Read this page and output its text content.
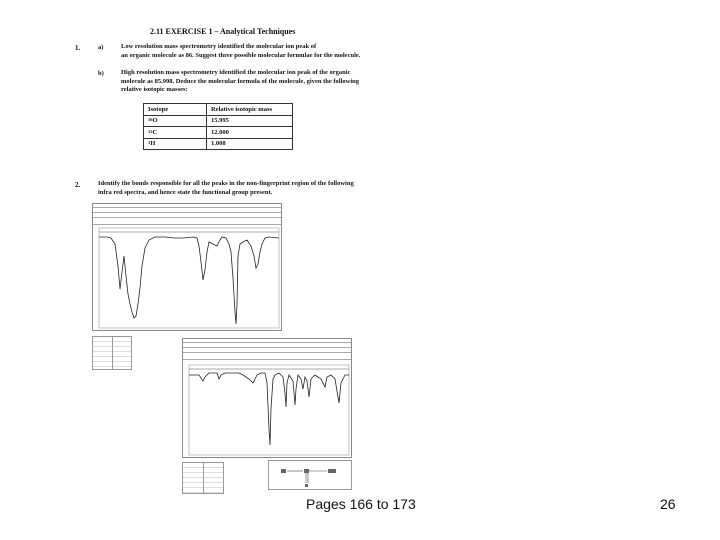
2.11 EXERCISE 1 – Analytical Techniques
1.	a)	Low resolution mass spectrometry identified the molecular ion peak of
an organic molecule as 86. Suggest three possible molecular formulae for the molecule.
b)	High resolution mass spectrometry identified the molecular ion peak of the organic
molecule as 85.998. Deduce the molecular formula of the molecule, given the following
relative isotopic masses:
Isotope	Relative isotopic mass
$^{16}$O	15.995
$^{12}$C	12.000
$^1$H	1.008
2.	Identify the bonds responsible for all the peaks in the non-fingerprint region of the following
infra red spectra, and hence state the functional group present.
Pages 166 to 173	26
